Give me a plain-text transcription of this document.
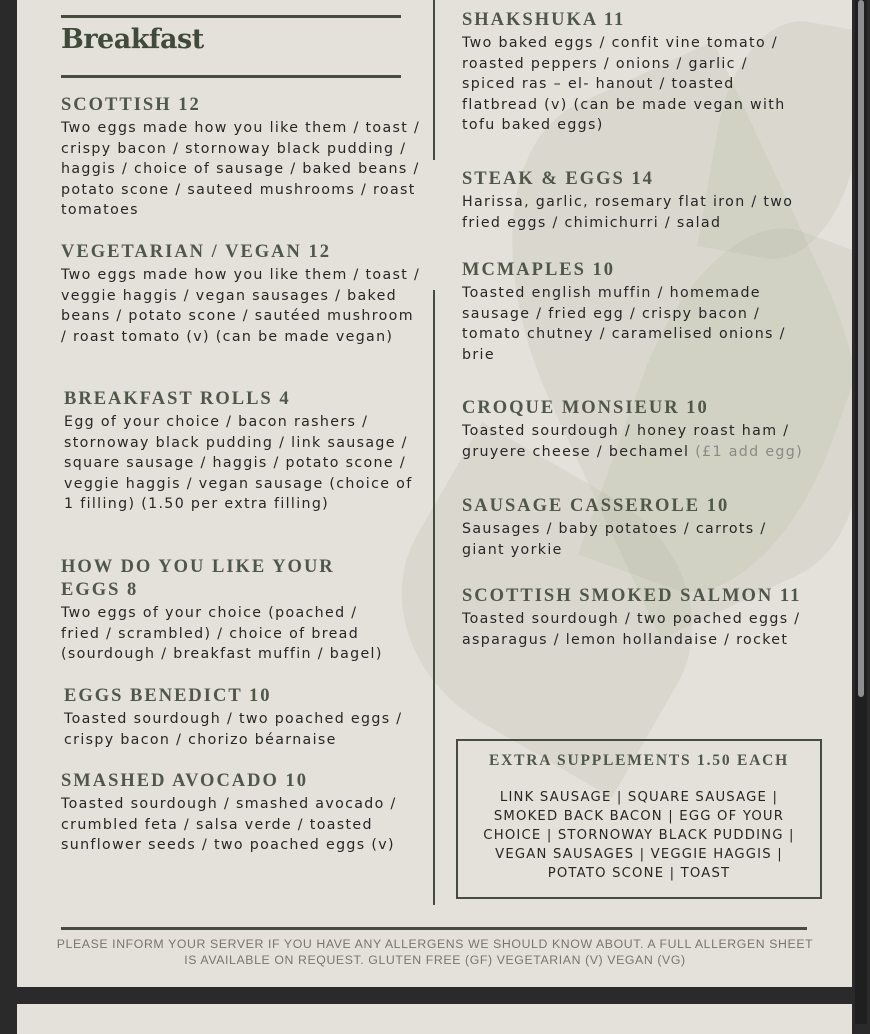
Breakfast
SCOTTISH 12

Two eggs made how you like them / toast / crispy bacon / stornoway black pudding / haggis / choice of sausage / baked beans / potato scone / sauteed mushrooms / roast tomatoes

VEGETARIAN / VEGAN 12

Two eggs made how you like them / toast / veggie haggis / vegan sausages / baked beans / potato scone / sautéed mushroom / roast tomato (v) (can be made vegan)

BREAKFAST ROLLS 4

Egg of your choice / bacon rashers / stornoway black pudding / link sausage / square sausage / haggis / potato scone / veggie haggis / vegan sausage (choice of 1 filling) (1.50 per extra filling)

HOW DO YOU LIKE YOUR EGGS 8

Two eggs of your choice (poached / fried / scrambled) / choice of bread (sourdough / breakfast muffin / bagel)

EGGS BENEDICT 10

Toasted sourdough / two poached eggs / crispy bacon / chorizo béarnaise

SMASHED AVOCADO 10

Toasted sourdough / smashed avocado / crumbled feta / salsa verde / toasted sunflower seeds / two poached eggs (v)

SHAKSHUKA 11

Two baked eggs / confit vine tomato / roasted peppers / onions / garlic / spiced ras – el- hanout / toasted flatbread (v) (can be made vegan with tofu baked eggs)

STEAK & EGGS 14

Harissa, garlic, rosemary flat iron / two fried eggs / chimichurri / salad

MCMAPLES 10

Toasted english muffin / homemade sausage / fried egg / crispy bacon / tomato chutney / caramelised onions / brie

CROQUE MONSIEUR 10

Toasted sourdough / honey roast ham / gruyere cheese / bechamel (£1 add egg)

SAUSAGE CASSEROLE 10

Sausages / baby potatoes / carrots / giant yorkie

SCOTTISH SMOKED SALMON 11

Toasted sourdough / two poached eggs / asparagus / lemon hollandaise / rocket

EXTRA SUPPLEMENTS 1.50 EACH

LINK SAUSAGE | SQUARE SAUSAGE | SMOKED BACK BACON | EGG OF YOUR CHOICE | STORNOWAY BLACK PUDDING | VEGAN SAUSAGES | VEGGIE HAGGIS | POTATO SCONE | TOAST

PLEASE INFORM YOUR SERVER IF YOU HAVE ANY ALLERGENS WE SHOULD KNOW ABOUT. A FULL ALLERGEN SHEET IS AVAILABLE ON REQUEST. GLUTEN FREE (GF) VEGETARIAN (V) VEGAN (VG)
